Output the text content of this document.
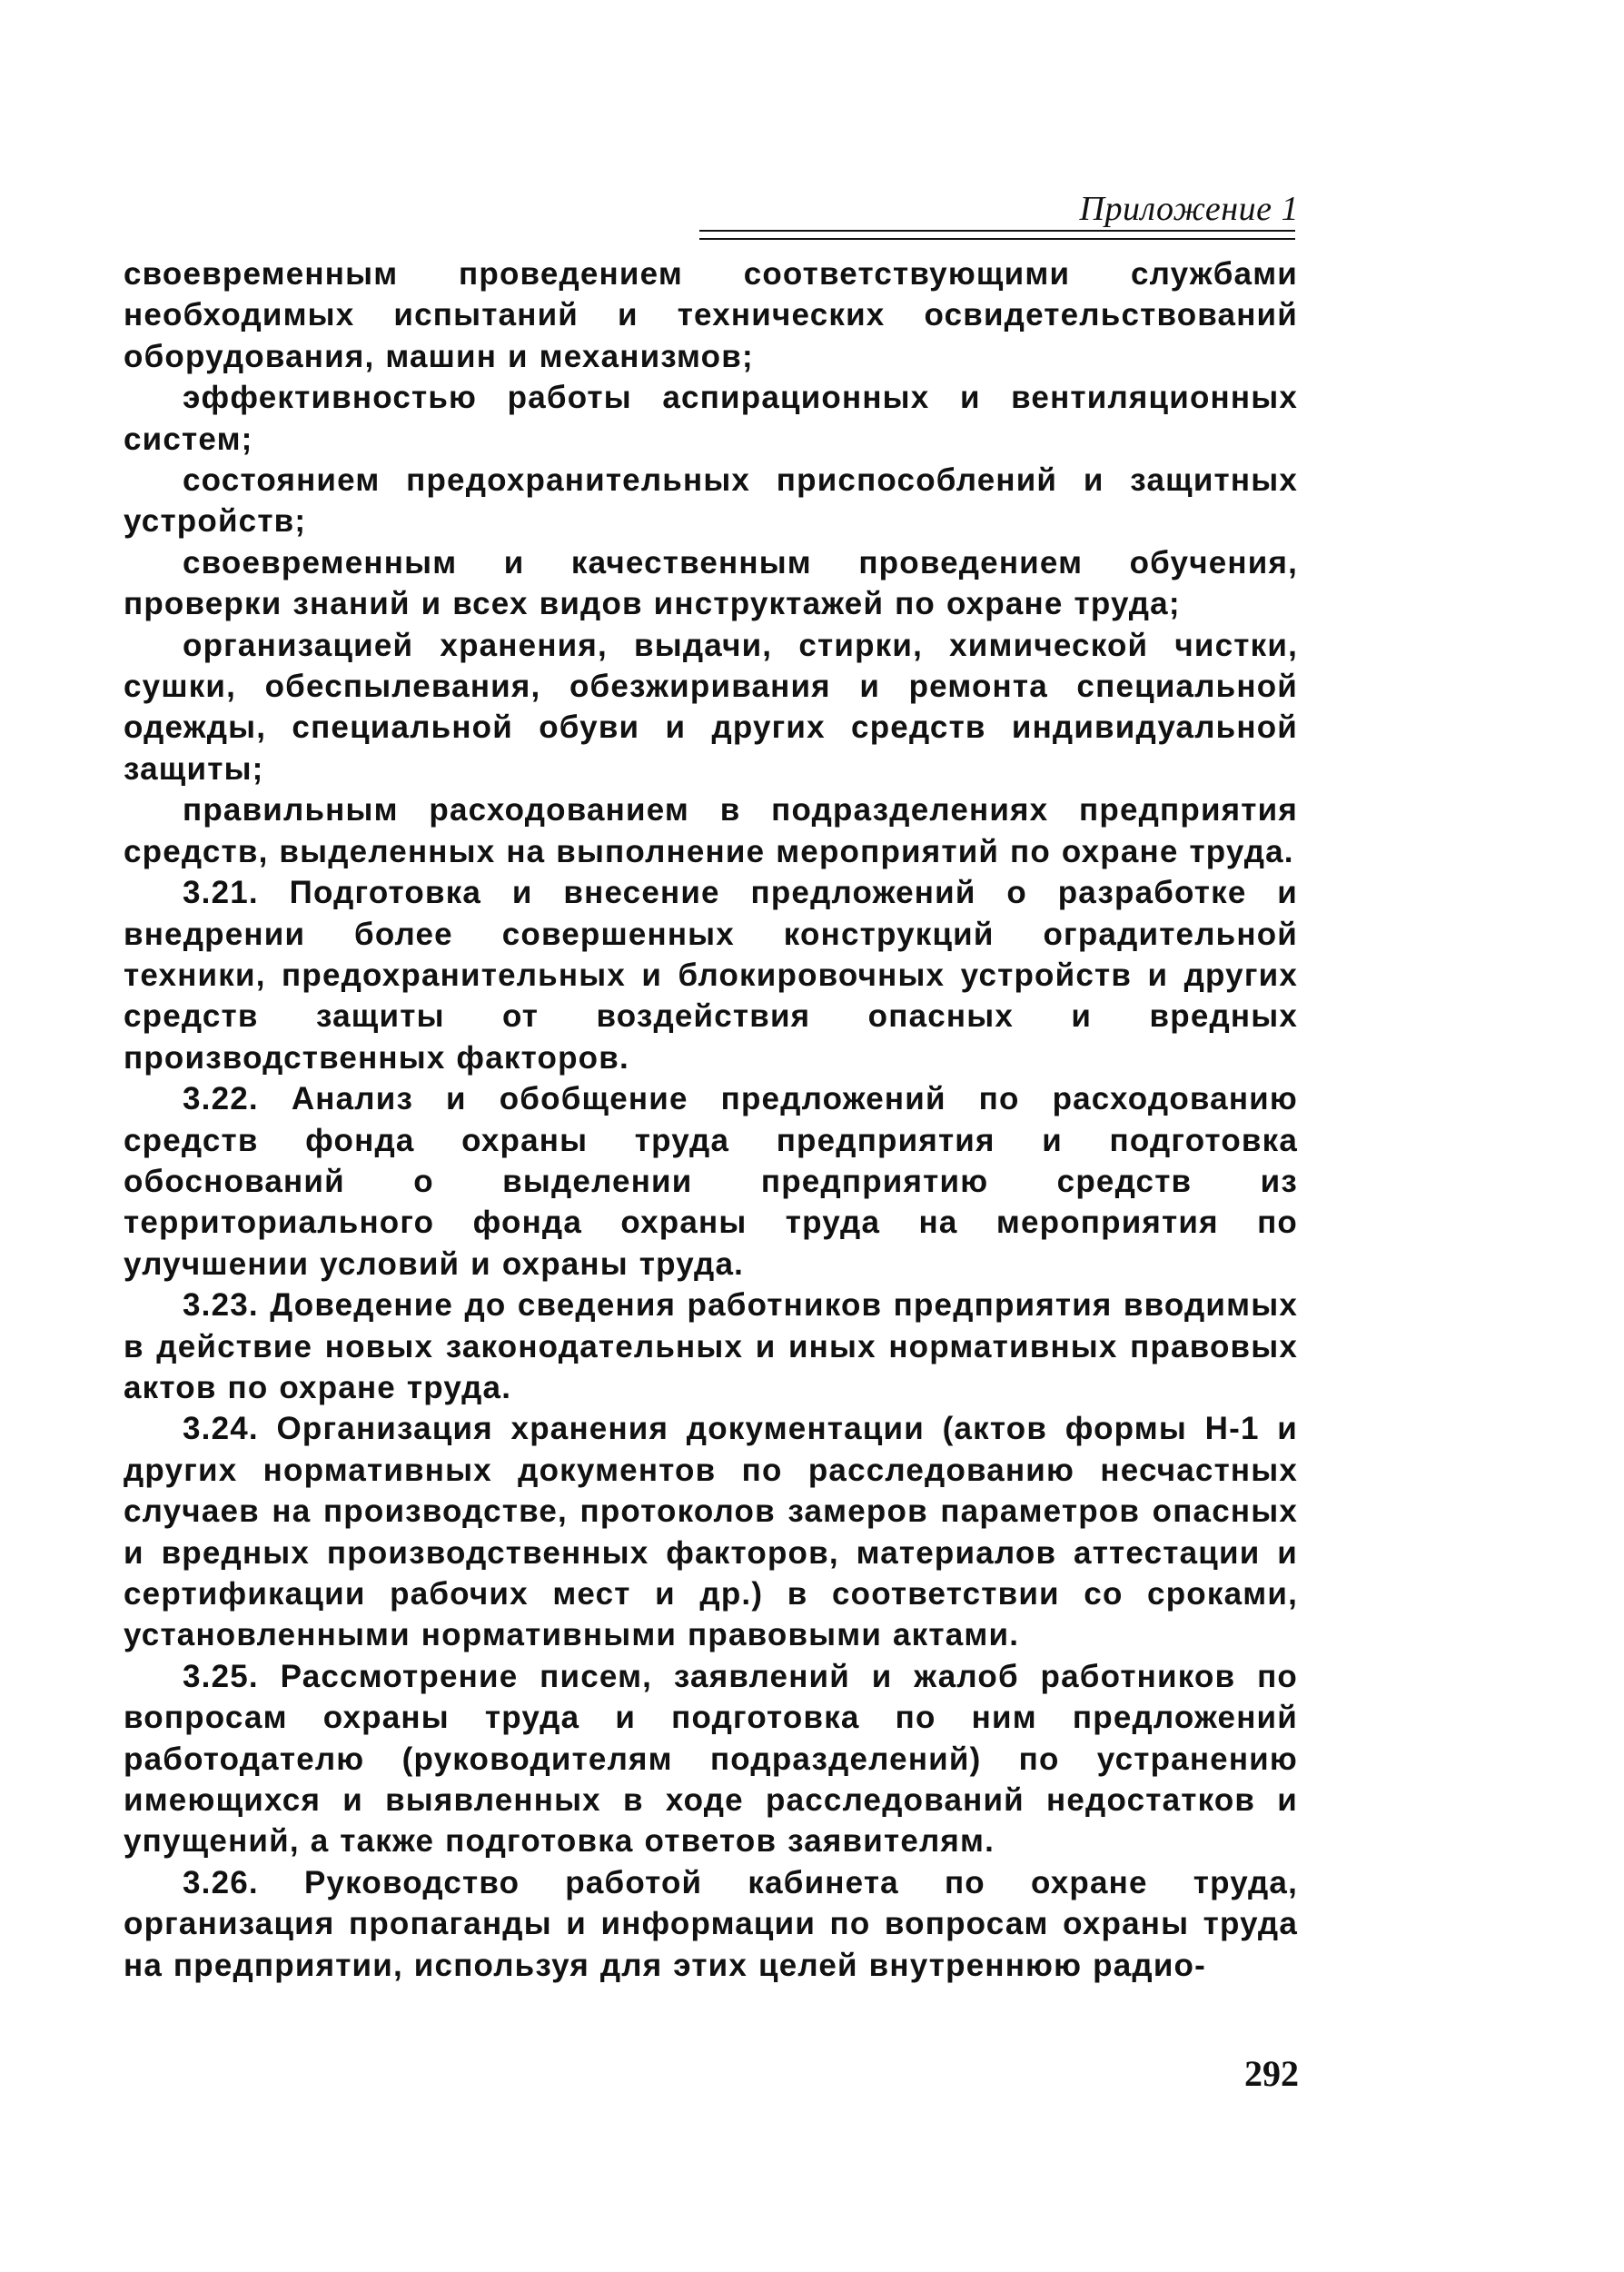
Приложение 1

своевременным проведением соответствующими службами необходимых испытаний и технических освидетельствований оборудования, машин и механизмов;

эффективностью работы аспирационных и вентиляционных систем;

состоянием предохранительных приспособлений и защитных устройств;

своевременным и качественным проведением обучения, проверки знаний и всех видов инструктажей по охране труда;

организацией хранения, выдачи, стирки, химической чистки, сушки, обеспылевания, обезжиривания и ремонта специальной одежды, специальной обуви и других средств индивидуальной защиты;

правильным расходованием в подразделениях предприятия средств, выделенных на выполнение мероприятий по охране труда.

3.21. Подготовка и внесение предложений о разработке и внедрении более совершенных конструкций оградительной техники, предохранительных и блокировочных устройств и других средств защиты от воздействия опасных и вредных производственных факторов.

3.22. Анализ и обобщение предложений по расходованию средств фонда охраны труда предприятия и подготовка обоснований о выделении предприятию средств из территориального фонда охраны труда на мероприятия по улучшении условий и охраны труда.

3.23. Доведение до сведения работников предприятия вводимых в действие новых законодательных и иных нормативных правовых актов по охране труда.

3.24. Организация хранения документации (актов формы Н-1 и других нормативных документов по расследованию несчастных случаев на производстве, протоколов замеров параметров опасных и вредных производственных факторов, материалов аттестации и сертификации рабочих мест и др.) в соответствии со сроками, установленными нормативными правовыми актами.

3.25. Рассмотрение писем, заявлений и жалоб работников по вопросам охраны труда и подготовка по ним предложений работодателю (руководителям подразделений) по устранению имеющихся и выявленных в ходе расследований недостатков и упущений, а также подготовка ответов заявителям.

3.26. Руководство работой кабинета по охране труда, организация пропаганды и информации по вопросам охраны труда на предприятии, используя для этих целей внутреннюю радио-

292
